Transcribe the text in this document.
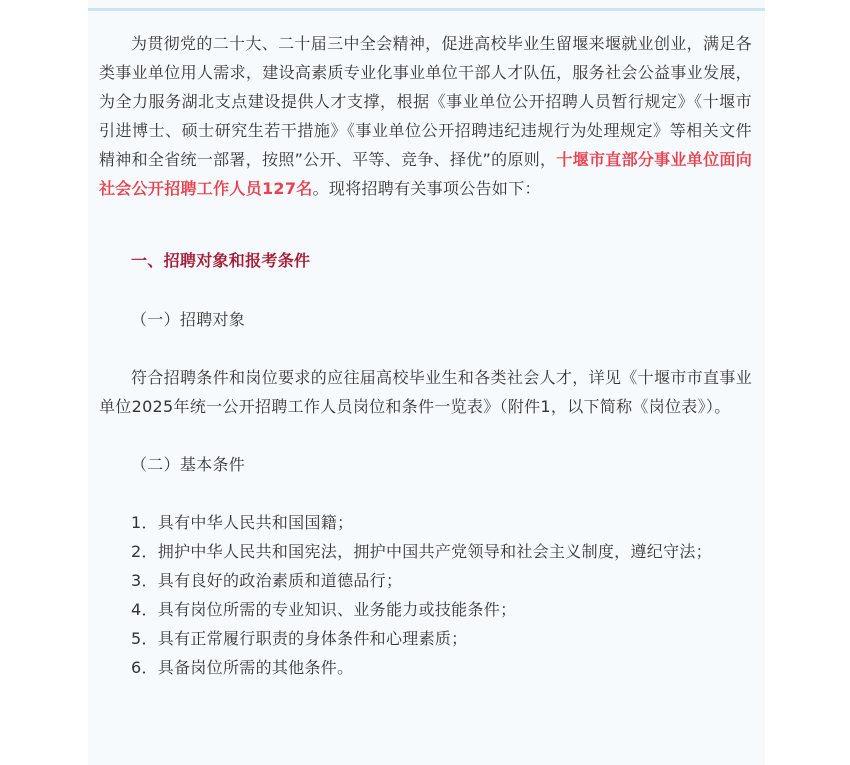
为贯彻党的二十大、二十届三中全会精神，促进高校毕业生留堰来堰就业创业，满足各类事业单位用人需求，建设高素质专业化事业单位干部人才队伍，服务社会公益事业发展，为全力服务湖北支点建设提供人才支撑，根据《事业单位公开招聘人员暂行规定》《十堰市引进博士、硕士研究生若干措施》《事业单位公开招聘违纪违规行为处理规定》等相关文件精神和全省统一部署，按照”公开、平等、竞争、择优”的原则，十堰市直部分事业单位面向社会公开招聘工作人员127名。现将招聘有关事项公告如下：

一、招聘对象和报考条件

（一）招聘对象

符合招聘条件和岗位要求的应往届高校毕业生和各类社会人才，详见《十堰市市直事业单位2025年统一公开招聘工作人员岗位和条件一览表》（附件1，以下简称《岗位表》）。

（二）基本条件

1．具有中华人民共和国国籍；

2．拥护中华人民共和国宪法，拥护中国共产党领导和社会主义制度，遵纪守法；

3．具有良好的政治素质和道德品行；

4．具有岗位所需的专业知识、业务能力或技能条件；

5．具有正常履行职责的身体条件和心理素质；

6．具备岗位所需的其他条件。
